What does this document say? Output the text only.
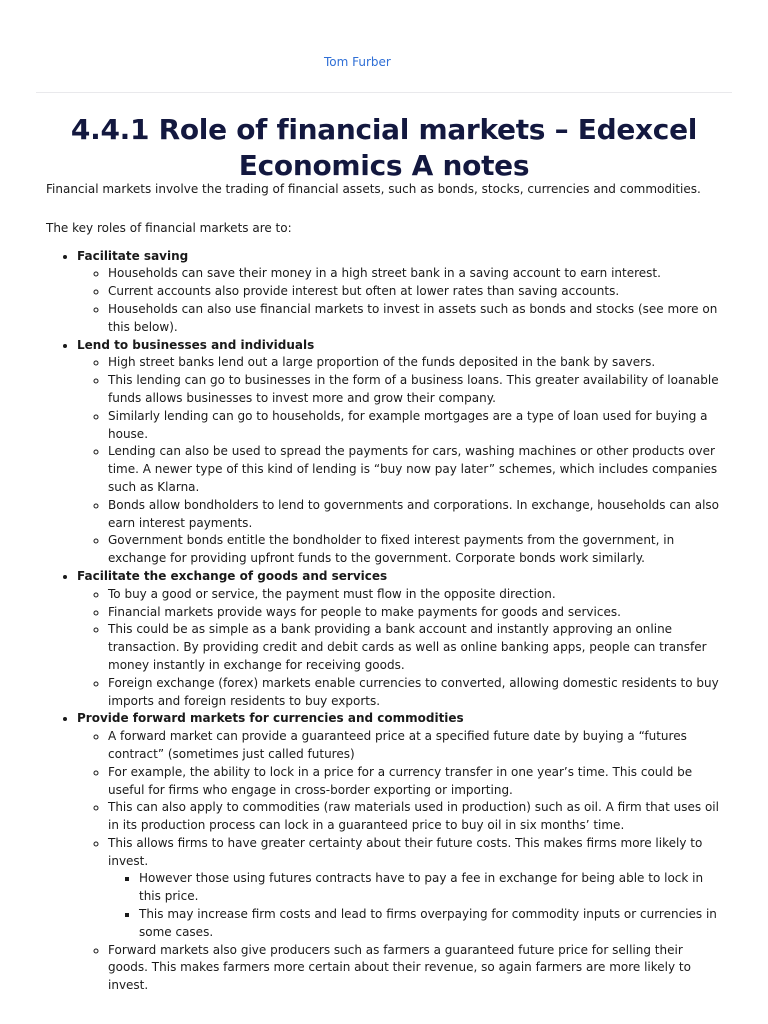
Tom Furber
4.4.1 Role of financial markets – Edexcel Economics A notes

Financial markets involve the trading of financial assets, such as bonds, stocks, currencies and commodities.

The key roles of financial markets are to:

• Facilitate saving
◦ Households can save their money in a high street bank in a saving account to earn interest.
◦ Current accounts also provide interest but often at lower rates than saving accounts.
◦ Households can also use financial markets to invest in assets such as bonds and stocks (see more on this below).
• Lend to businesses and individuals
◦ High street banks lend out a large proportion of the funds deposited in the bank by savers.
◦ This lending can go to businesses in the form of a business loans. This greater availability of loanable funds allows businesses to invest more and grow their company.
◦ Similarly lending can go to households, for example mortgages are a type of loan used for buying a house.
◦ Lending can also be used to spread the payments for cars, washing machines or other products over time. A newer type of this kind of lending is “buy now pay later” schemes, which includes companies such as Klarna.
◦ Bonds allow bondholders to lend to governments and corporations. In exchange, households can also earn interest payments.
◦ Government bonds entitle the bondholder to fixed interest payments from the government, in exchange for providing upfront funds to the government. Corporate bonds work similarly.
• Facilitate the exchange of goods and services
◦ To buy a good or service, the payment must flow in the opposite direction.
◦ Financial markets provide ways for people to make payments for goods and services.
◦ This could be as simple as a bank providing a bank account and instantly approving an online transaction. By providing credit and debit cards as well as online banking apps, people can transfer money instantly in exchange for receiving goods.
◦ Foreign exchange (forex) markets enable currencies to converted, allowing domestic residents to buy imports and foreign residents to buy exports.
• Provide forward markets for currencies and commodities
◦ A forward market can provide a guaranteed price at a specified future date by buying a “futures contract” (sometimes just called futures)
◦ For example, the ability to lock in a price for a currency transfer in one year’s time. This could be useful for firms who engage in cross-border exporting or importing.
◦ This can also apply to commodities (raw materials used in production) such as oil. A firm that uses oil in its production process can lock in a guaranteed price to buy oil in six months’ time.
◦ This allows firms to have greater certainty about their future costs. This makes firms more likely to invest.
▪ However those using futures contracts have to pay a fee in exchange for being able to lock in this price.
▪ This may increase firm costs and lead to firms overpaying for commodity inputs or currencies in some cases.
◦ Forward markets also give producers such as farmers a guaranteed future price for selling their goods. This makes farmers more certain about their revenue, so again farmers are more likely to invest.
